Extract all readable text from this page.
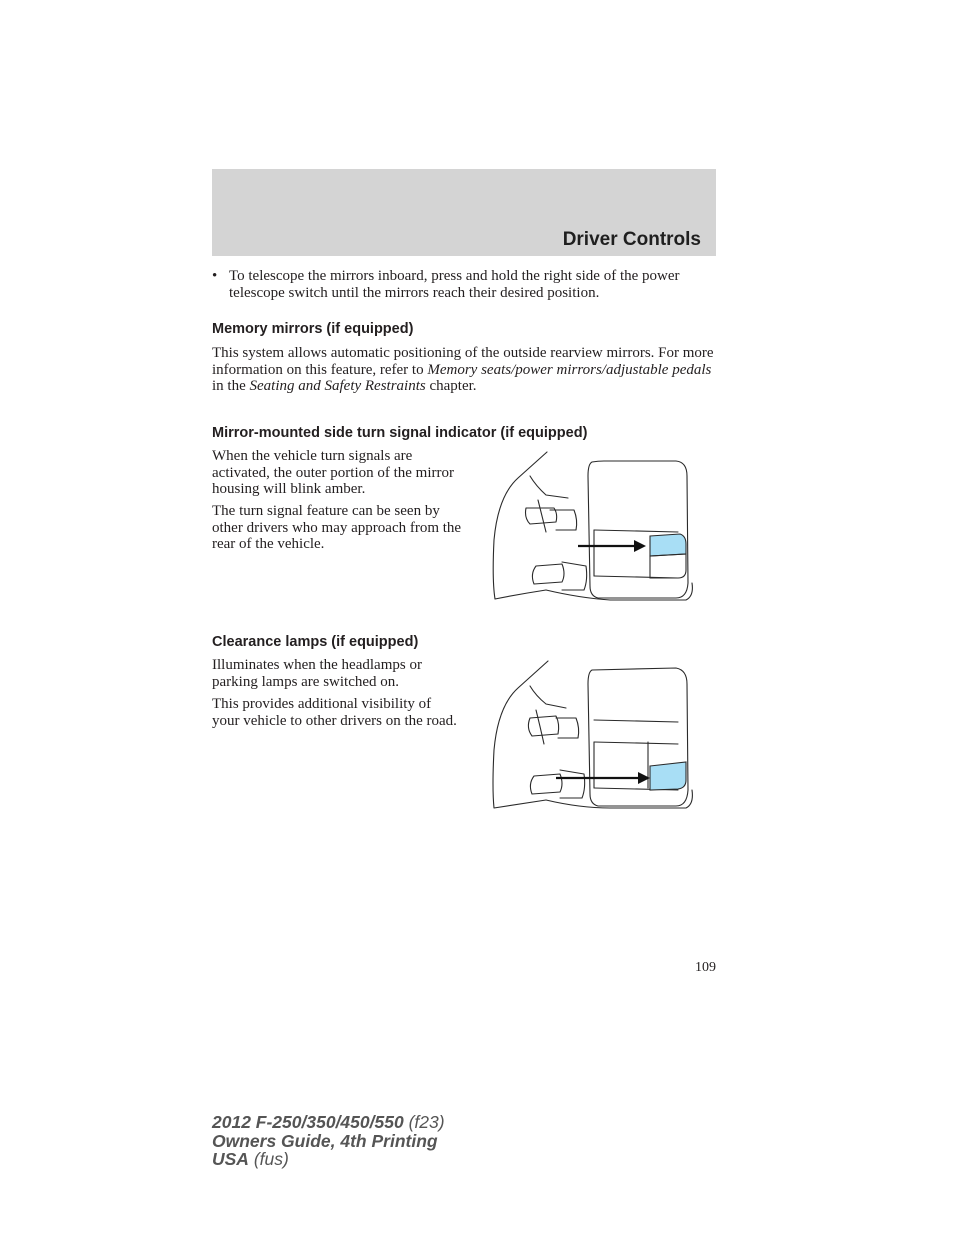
Driver Controls
• To telescope the mirrors inboard, press and hold the right side of the power telescope switch until the mirrors reach their desired position.
Memory mirrors (if equipped)
This system allows automatic positioning of the outside rearview mirrors. For more information on this feature, refer to Memory seats/power mirrors/adjustable pedals in the Seating and Safety Restraints chapter.
Mirror-mounted side turn signal indicator (if equipped)
When the vehicle turn signals are activated, the outer portion of the mirror housing will blink amber.
The turn signal feature can be seen by other drivers who may approach from the rear of the vehicle.
Clearance lamps (if equipped)
Illuminates when the headlamps or parking lamps are switched on.
This provides additional visibility of your vehicle to other drivers on the road.
109
2012 F-250/350/450/550 (f23)
Owners Guide, 4th Printing
USA (fus)
